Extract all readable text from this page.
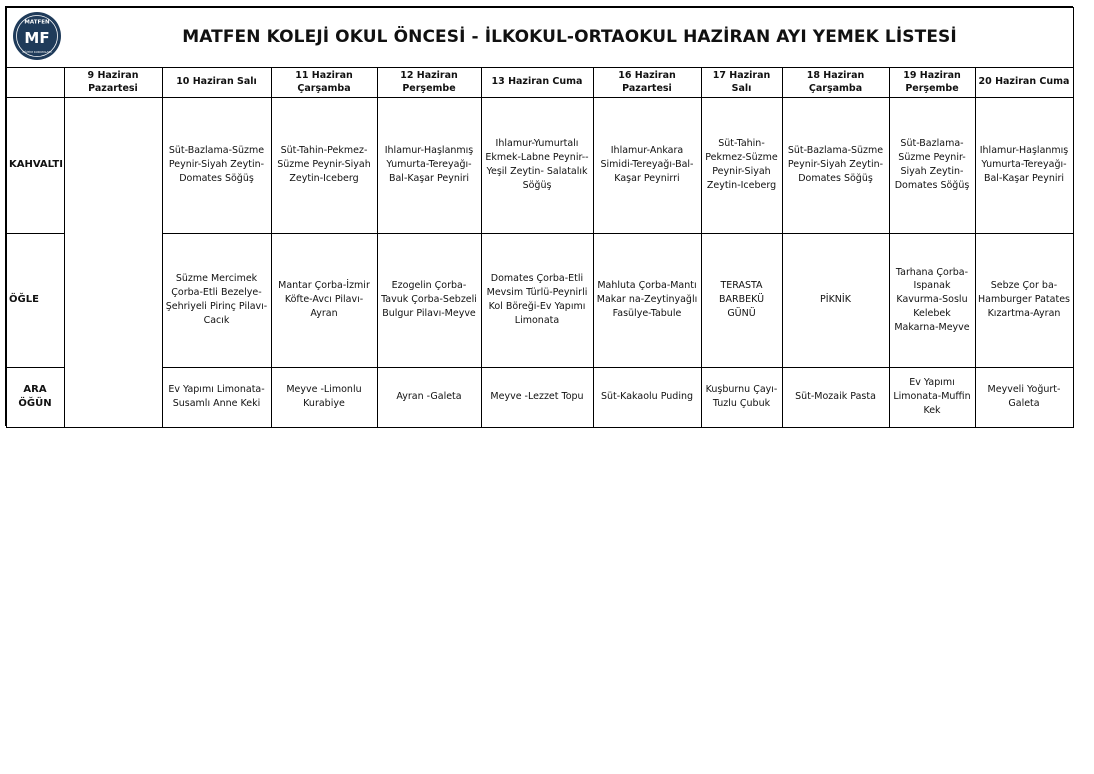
MATFEN
MF
EĞİTİM KURUMLARI
MATFEN KOLEJİ OKUL ÖNCESİ - İLKOKUL-ORTAOKUL HAZİRAN AYI YEMEK LİSTESİ
9 Haziran Pazartesi
10 Haziran Salı
11 Haziran Çarşamba
12 Haziran Perşembe
13 Haziran Cuma
16 Haziran Pazartesi
17 Haziran Salı
18 Haziran Çarşamba
19 Haziran Perşembe
20 Haziran Cuma
KAHVALTI
Süt-Bazlama-Süzme Peynir-Siyah Zeytin-Domates Söğüş
Süt-Tahin-Pekmez-Süzme Peynir-Siyah Zeytin-Iceberg
Ihlamur-Haşlanmış Yumurta-Tereyağı-Bal-Kaşar Peyniri
Ihlamur-Yumurtalı Ekmek-Labne Peynir-- Yeşil Zeytin- Salatalık Söğüş
Ihlamur-Ankara Simidi-Tereyağı-Bal-Kaşar Peynirri
Süt-Tahin-Pekmez-Süzme Peynir-Siyah Zeytin-Iceberg
Süt-Bazlama-Süzme Peynir-Siyah Zeytin-Domates Söğüş
Süt-Bazlama-Süzme Peynir-Siyah Zeytin-Domates Söğüş
Ihlamur-Haşlanmış Yumurta-Tereyağı-Bal-Kaşar Peyniri
ÖĞLE
Süzme Mercimek Çorba-Etli Bezelye-Şehriyeli Pirinç Pilavı-Cacık
Mantar Çorba-İzmir Köfte-Avcı Pilavı-Ayran
Ezogelin Çorba-Tavuk Çorba-Sebzeli Bulgur Pilavı-Meyve
Domates Çorba-Etli Mevsim Türlü-Peynirli Kol Böreği-Ev Yapımı Limonata
Mahluta Çorba-Mantı Makar na-Zeytinyağlı Fasülye-Tabule
TERASTA BARBEKÜ GÜNÜ
PİKNİK
Tarhana Çorba-Ispanak Kavurma-Soslu Kelebek Makarna-Meyve
Sebze Çor ba-Hamburger Patates Kızartma-Ayran
ARA ÖĞÜN
Ev Yapımı Limonata-Susamlı Anne Keki
Meyve -Limonlu Kurabiye
Ayran -Galeta	Meyve -Lezzet Topu	Süt-Kakaolu Puding
Kuşburnu Çayı-Tuzlu Çubuk
Süt-Mozaik Pasta
Ev Yapımı Limonata-Muffin Kek
Meyveli Yoğurt-Galeta
